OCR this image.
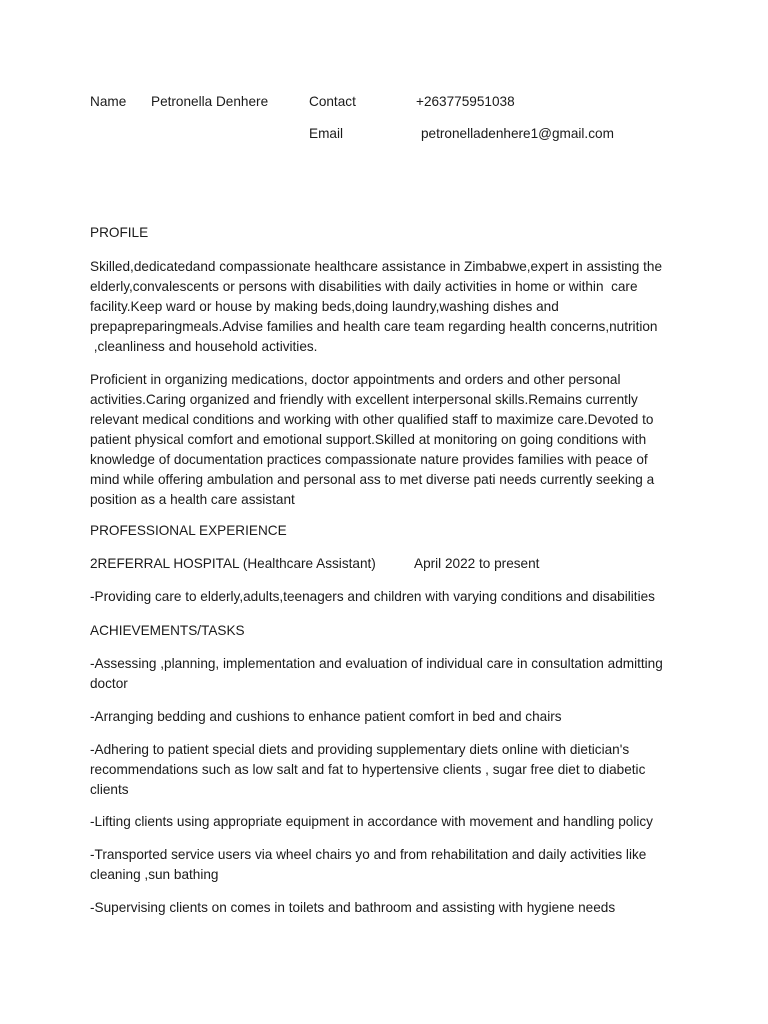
Name Petronella Denhere	Contact	+263775951038
Email	petronelladenhere1@gmail.com
PROFILE
Skilled,dedicatedand compassionate healthcare assistance in Zimbabwe,expert in assisting the
elderly,convalescents or persons with disabilities with daily activities in home or within  care
facility.Keep ward or house by making beds,doing laundry,washing dishes and
prepapreparingmeals.Advise families and health care team regarding health concerns,nutrition
,cleanliness and household activities.
Proficient in organizing medications, doctor appointments and orders and other personal
activities.Caring organized and friendly with excellent interpersonal skills.Remains currently
relevant medical conditions and working with other qualified staff to maximize care.Devoted to
patient physical comfort and emotional support.Skilled at monitoring on going conditions with
knowledge of documentation practices compassionate nature provides families with peace of
mind while offering ambulation and personal ass to met diverse pati needs currently seeking a
position as a health care assistant
PROFESSIONAL EXPERIENCE
2REFERRAL HOSPITAL (Healthcare Assistant)	April 2022 to present
-Providing care to elderly,adults,teenagers and children with varying conditions and disabilities
ACHIEVEMENTS/TASKS
-Assessing ,planning, implementation and evaluation of individual care in consultation admitting
doctor
-Arranging bedding and cushions to enhance patient comfort in bed and chairs
-Adhering to patient special diets and providing supplementary diets online with dietician's
recommendations such as low salt and fat to hypertensive clients , sugar free diet to diabetic
clients
-Lifting clients using appropriate equipment in accordance with movement and handling policy
-Transported service users via wheel chairs yo and from rehabilitation and daily activities like
cleaning ,sun bathing
-Supervising clients on comes in toilets and bathroom and assisting with hygiene needs
